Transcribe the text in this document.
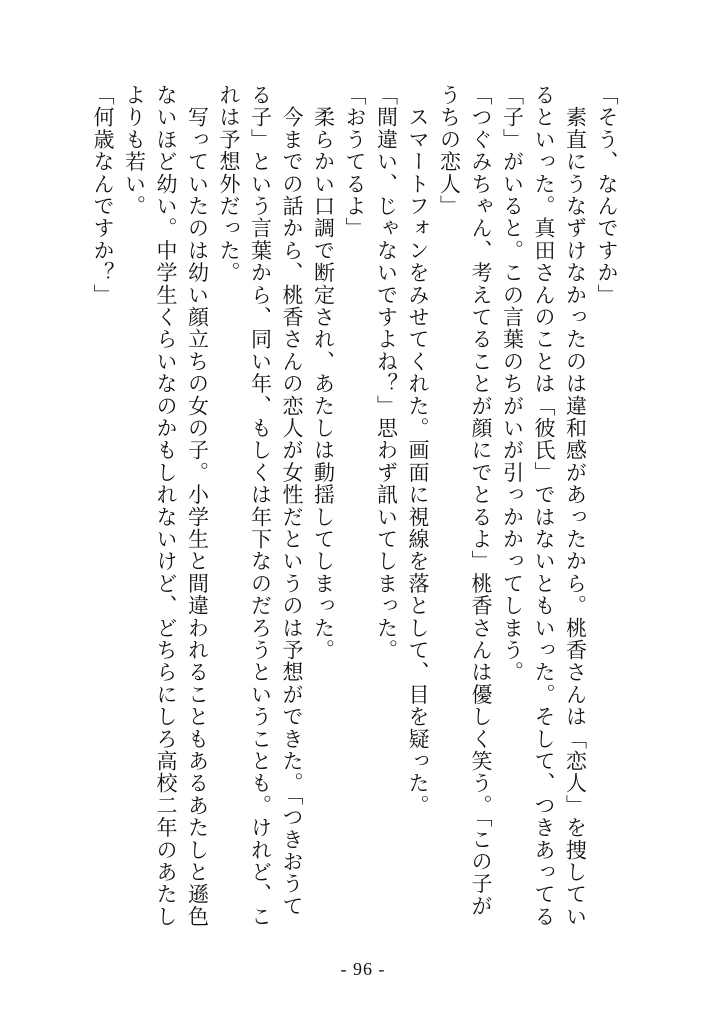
「そう、なんですか」

　素直にうなずけなかったのは違和感があったから。桃香さんは「恋人」を捜しているといった。真田さんのことは「彼氏」ではないともいった。そして、つきあってる「子」がいると。この言葉のちがいが引っかかってしまう。

「つぐみちゃん、考えてることが顔にでとるよ」桃香さんは優しく笑う。「この子がうちの恋人」

　スマートフォンをみせてくれた。画面に視線を落として、目を疑った。

「間違い、じゃないですよね？」思わず訊いてしまった。

「おうてるよ」

　柔らかい口調で断定され、あたしは動揺してしまった。

　今までの話から、桃香さんの恋人が女性だというのは予想ができた。「つきおうてる子」という言葉から、同い年、もしくは年下なのだろうということも。けれど、これは予想外だった。

　写っていたのは幼い顔立ちの女の子。小学生と間違われることもあるあたしと遜色ないほど幼い。中学生くらいなのかもしれないけど、どちらにしろ高校二年のあたしよりも若い。

「何歳なんですか？」

- 96 -
